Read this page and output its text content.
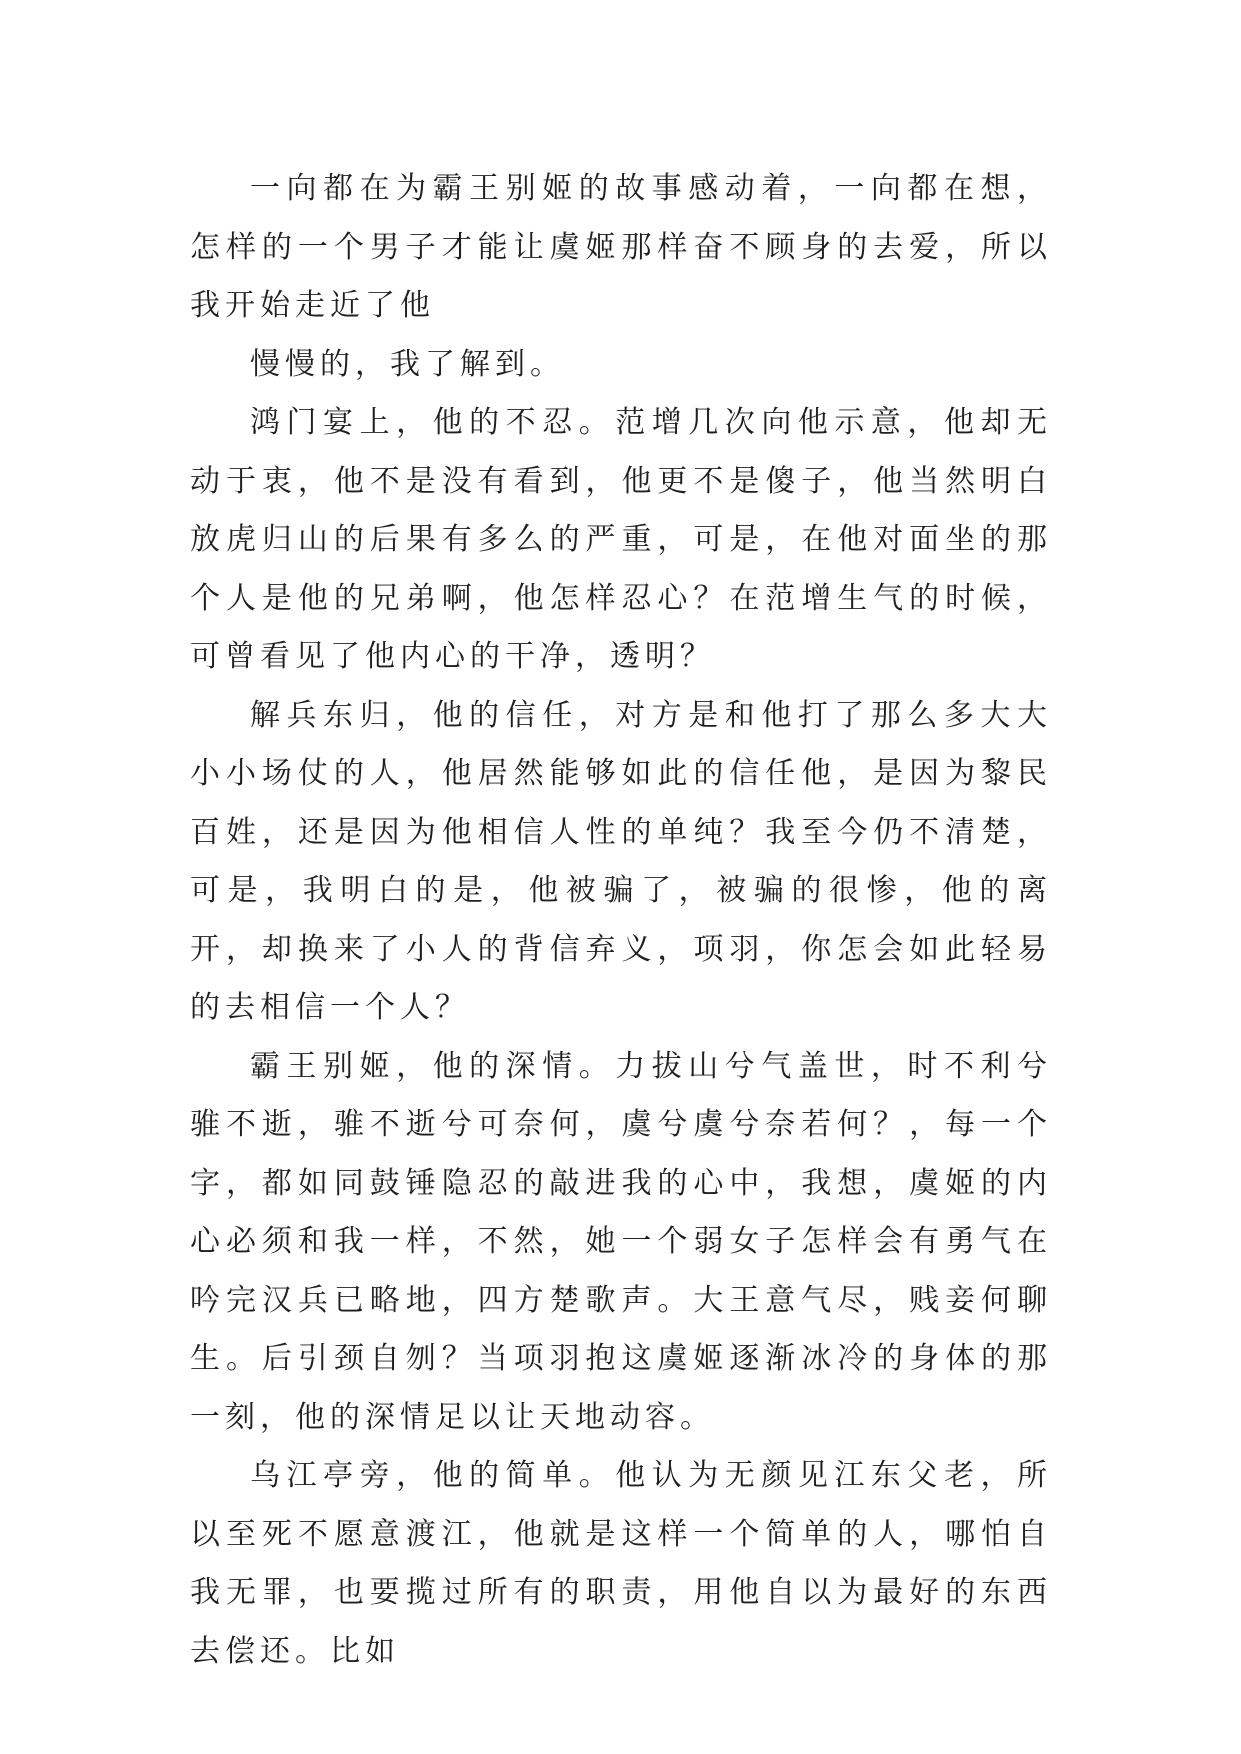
一向都在为霸王别姬的故事感动着，一向都在想，怎样的一个男子才能让虞姬那样奋不顾身的去爱，所以我开始走近了他

慢慢的，我了解到。

鸿门宴上，他的不忍。范增几次向他示意，他却无动于衷，他不是没有看到，他更不是傻子，他当然明白放虎归山的后果有多么的严重，可是，在他对面坐的那个人是他的兄弟啊，他怎样忍心？在范增生气的时候，可曾看见了他内心的干净，透明？

解兵东归，他的信任，对方是和他打了那么多大大小小场仗的人，他居然能够如此的信任他，是因为黎民百姓，还是因为他相信人性的单纯？我至今仍不清楚，可是，我明白的是，他被骗了，被骗的很惨，他的离开，却换来了小人的背信弃义，项羽，你怎会如此轻易的去相信一个人？

霸王别姬，他的深情。力拔山兮气盖世，时不利兮骓不逝，骓不逝兮可奈何，虞兮虞兮奈若何？，每一个字，都如同鼓锤隐忍的敲进我的心中，我想，虞姬的内心必须和我一样，不然，她一个弱女子怎样会有勇气在吟完汉兵已略地，四方楚歌声。大王意气尽，贱妾何聊生。后引颈自刎？当项羽抱这虞姬逐渐冰冷的身体的那一刻，他的深情足以让天地动容。

乌江亭旁，他的简单。他认为无颜见江东父老，所以至死不愿意渡江，他就是这样一个简单的人，哪怕自我无罪，也要揽过所有的职责，用他自以为最好的东西去偿还。比如
